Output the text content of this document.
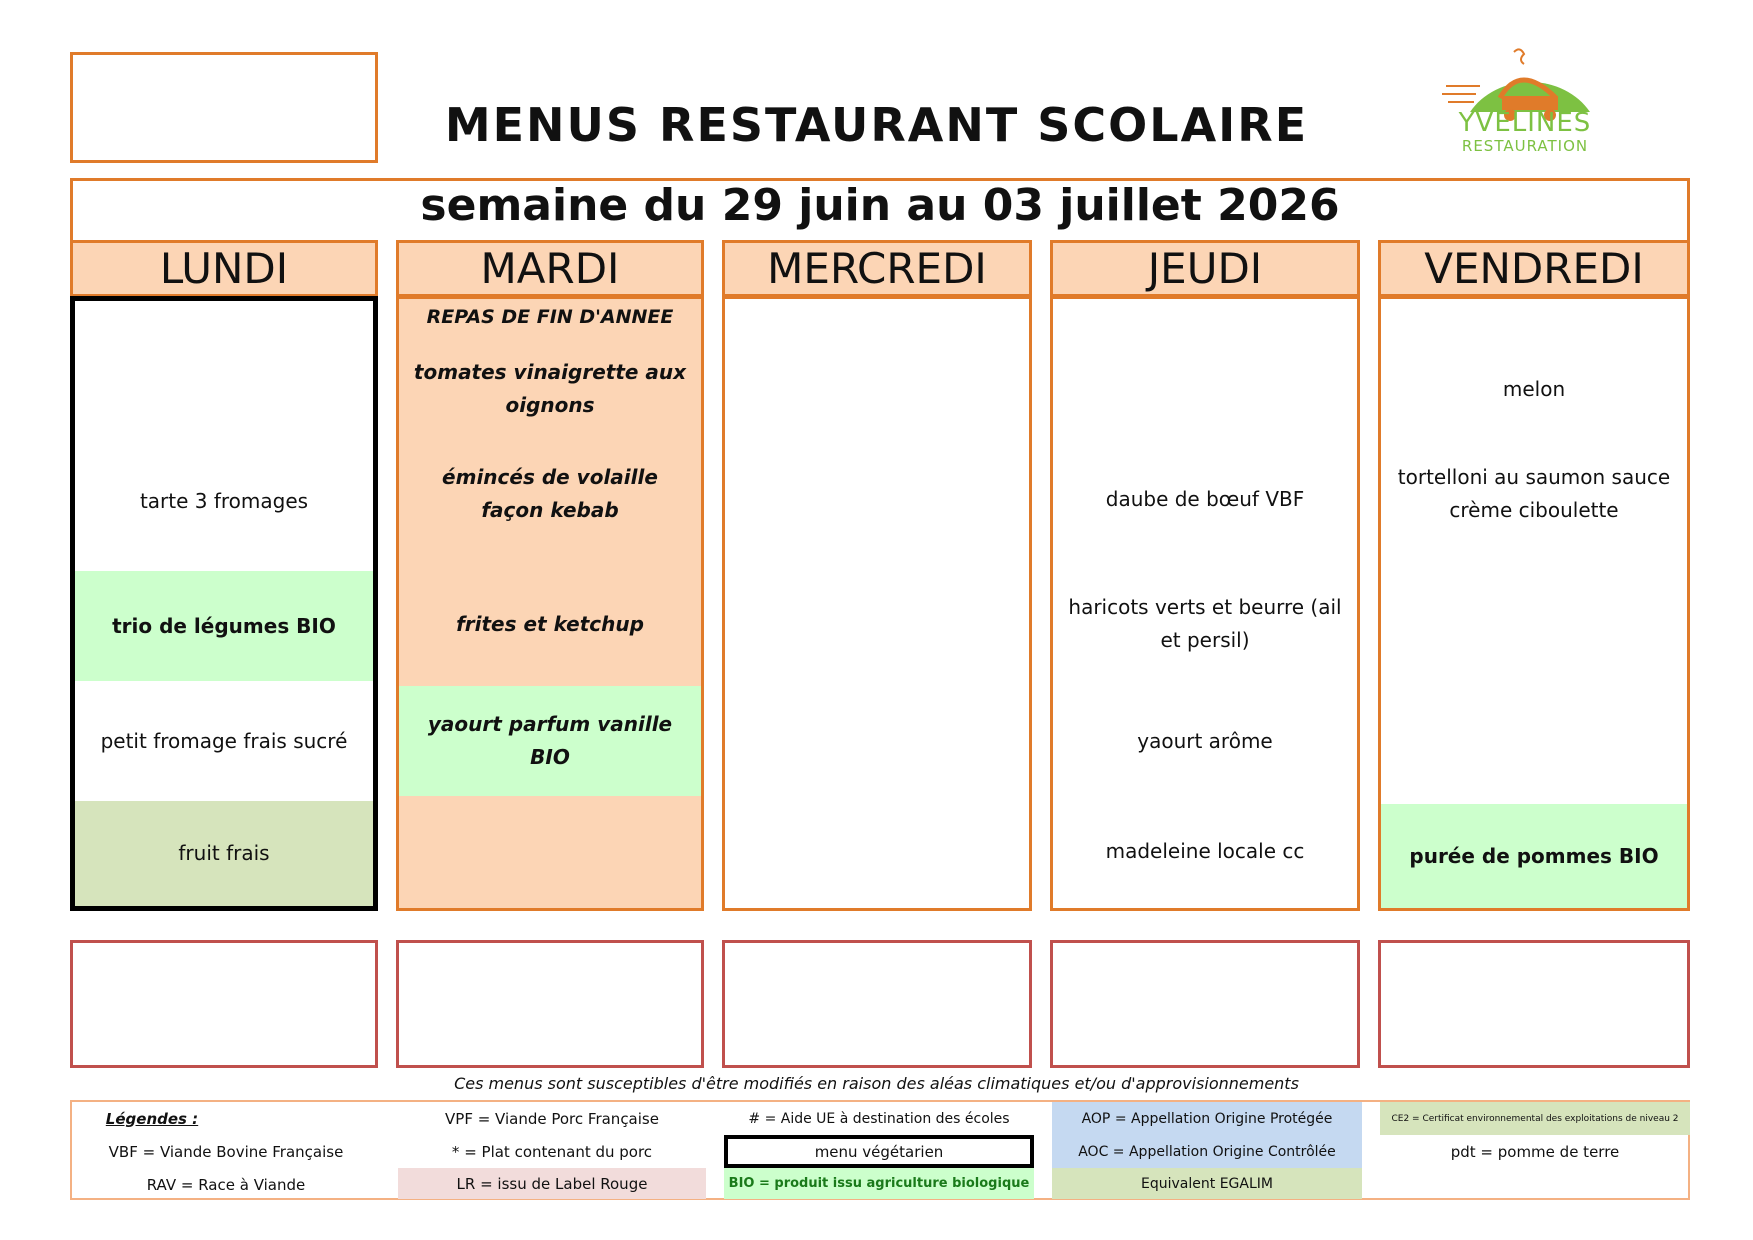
MENUS RESTAURANT SCOLAIRE	YVELINES
RESTAURATION
semaine du 29 juin au 03 juillet 2026
LUNDI
tarte 3 fromages
trio de légumes BIO
petit fromage frais sucré
fruit frais
MARDI
REPAS DE FIN D'ANNEE
tomates vinaigrette aux oignons
émincés de volaille façon kebab
frites et ketchup
yaourt parfum vanille BIO
MERCREDI	JEUDI
daube de bœuf VBF
haricots verts et beurre (ail et persil)
yaourt arôme
madeleine locale cc
VENDREDI
melon
tortelloni au saumon sauce crème ciboulette
purée de pommes BIO
Ces menus sont susceptibles d'être modifiés en raison des aléas climatiques et/ou d'approvisionnements
Légendes :
VBF = Viande Bovine Française
RAV = Race à Viande
VPF = Viande Porc Française
* = Plat contenant du porc
LR = issu de Label Rouge
# = Aide UE à destination des écoles
menu végétarien
BIO = produit issu agriculture biologique
AOP = Appellation Origine Protégée
AOC = Appellation Origine Contrôlée
Equivalent EGALIM
CE2 = Certificat environnemental des exploitations de niveau 2
pdt = pomme de terre
